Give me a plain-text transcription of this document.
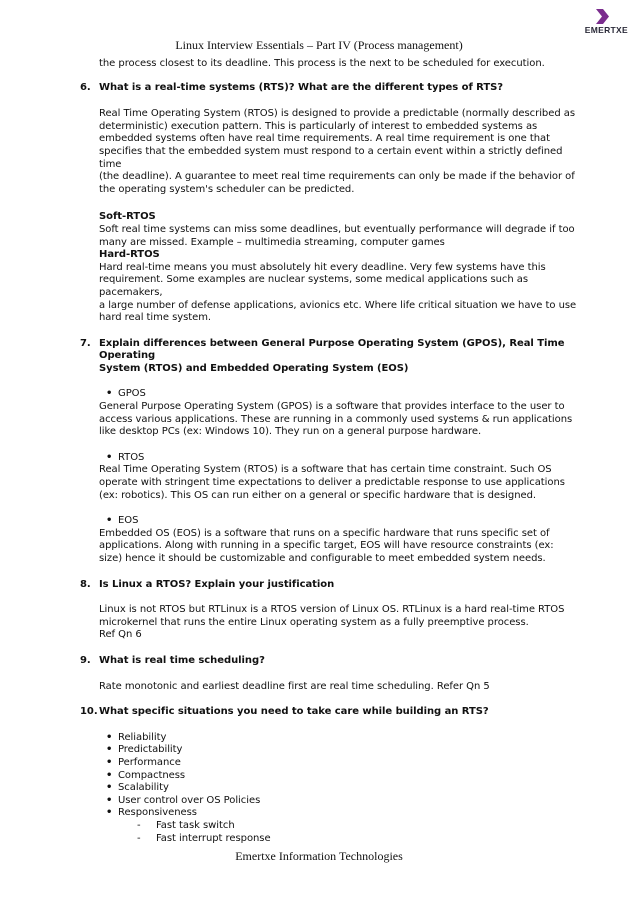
EMERTXE
Linux Interview Essentials – Part IV (Process management)

the process closest to its deadline. This process is the next to be scheduled for execution.

6. What is a real-time systems (RTS)? What are the different types of RTS?
Real Time Operating System (RTOS) is designed to provide a predictable (normally described as
deterministic) execution pattern. This is particularly of interest to embedded systems as
embedded systems often have real time requirements. A real time requirement is one that
specifies that the embedded system must respond to a certain event within a strictly defined time
(the deadline). A guarantee to meet real time requirements can only be made if the behavior of
the operating system's scheduler can be predicted.
Soft-RTOS
Soft real time systems can miss some deadlines, but eventually performance will degrade if too
many are missed. Example – multimedia streaming, computer games
Hard-RTOS
Hard real-time means you must absolutely hit every deadline. Very few systems have this
requirement. Some examples are nuclear systems, some medical applications such as pacemakers,
a large number of defense applications, avionics etc. Where life critical situation we have to use
hard real time system.
7. Explain differences between General Purpose Operating System (GPOS), Real Time Operating
System (RTOS) and Embedded Operating System (EOS)
• GPOS
General Purpose Operating System (GPOS) is a software that provides interface to the user to
access various applications. These are running in a commonly used systems & run applications
like desktop PCs (ex: Windows 10). They run on a general purpose hardware.
• RTOS
Real Time Operating System (RTOS) is a software that has certain time constraint. Such OS
operate with stringent time expectations to deliver a predictable response to use applications
(ex: robotics). This OS can run either on a general or specific hardware that is designed.
• EOS
Embedded OS (EOS) is a software that runs on a specific hardware that runs specific set of
applications. Along with running in a specific target, EOS will have resource constraints (ex:
size) hence it should be customizable and configurable to meet embedded system needs.
8. Is Linux a RTOS? Explain your justification
Linux is not RTOS but RTLinux is a RTOS version of Linux OS. RTLinux is a hard real-time RTOS
microkernel that runs the entire Linux operating system as a fully preemptive process.
Ref Qn 6
9. What is real time scheduling?
Rate monotonic and earliest deadline first are real time scheduling. Refer Qn 5
10. What specific situations you need to take care while building an RTS?
• Reliability
• Predictability
• Performance
• Compactness
• Scalability
• User control over OS Policies
• Responsiveness
- Fast task switch
- Fast interrupt response
Emertxe Information Technologies
